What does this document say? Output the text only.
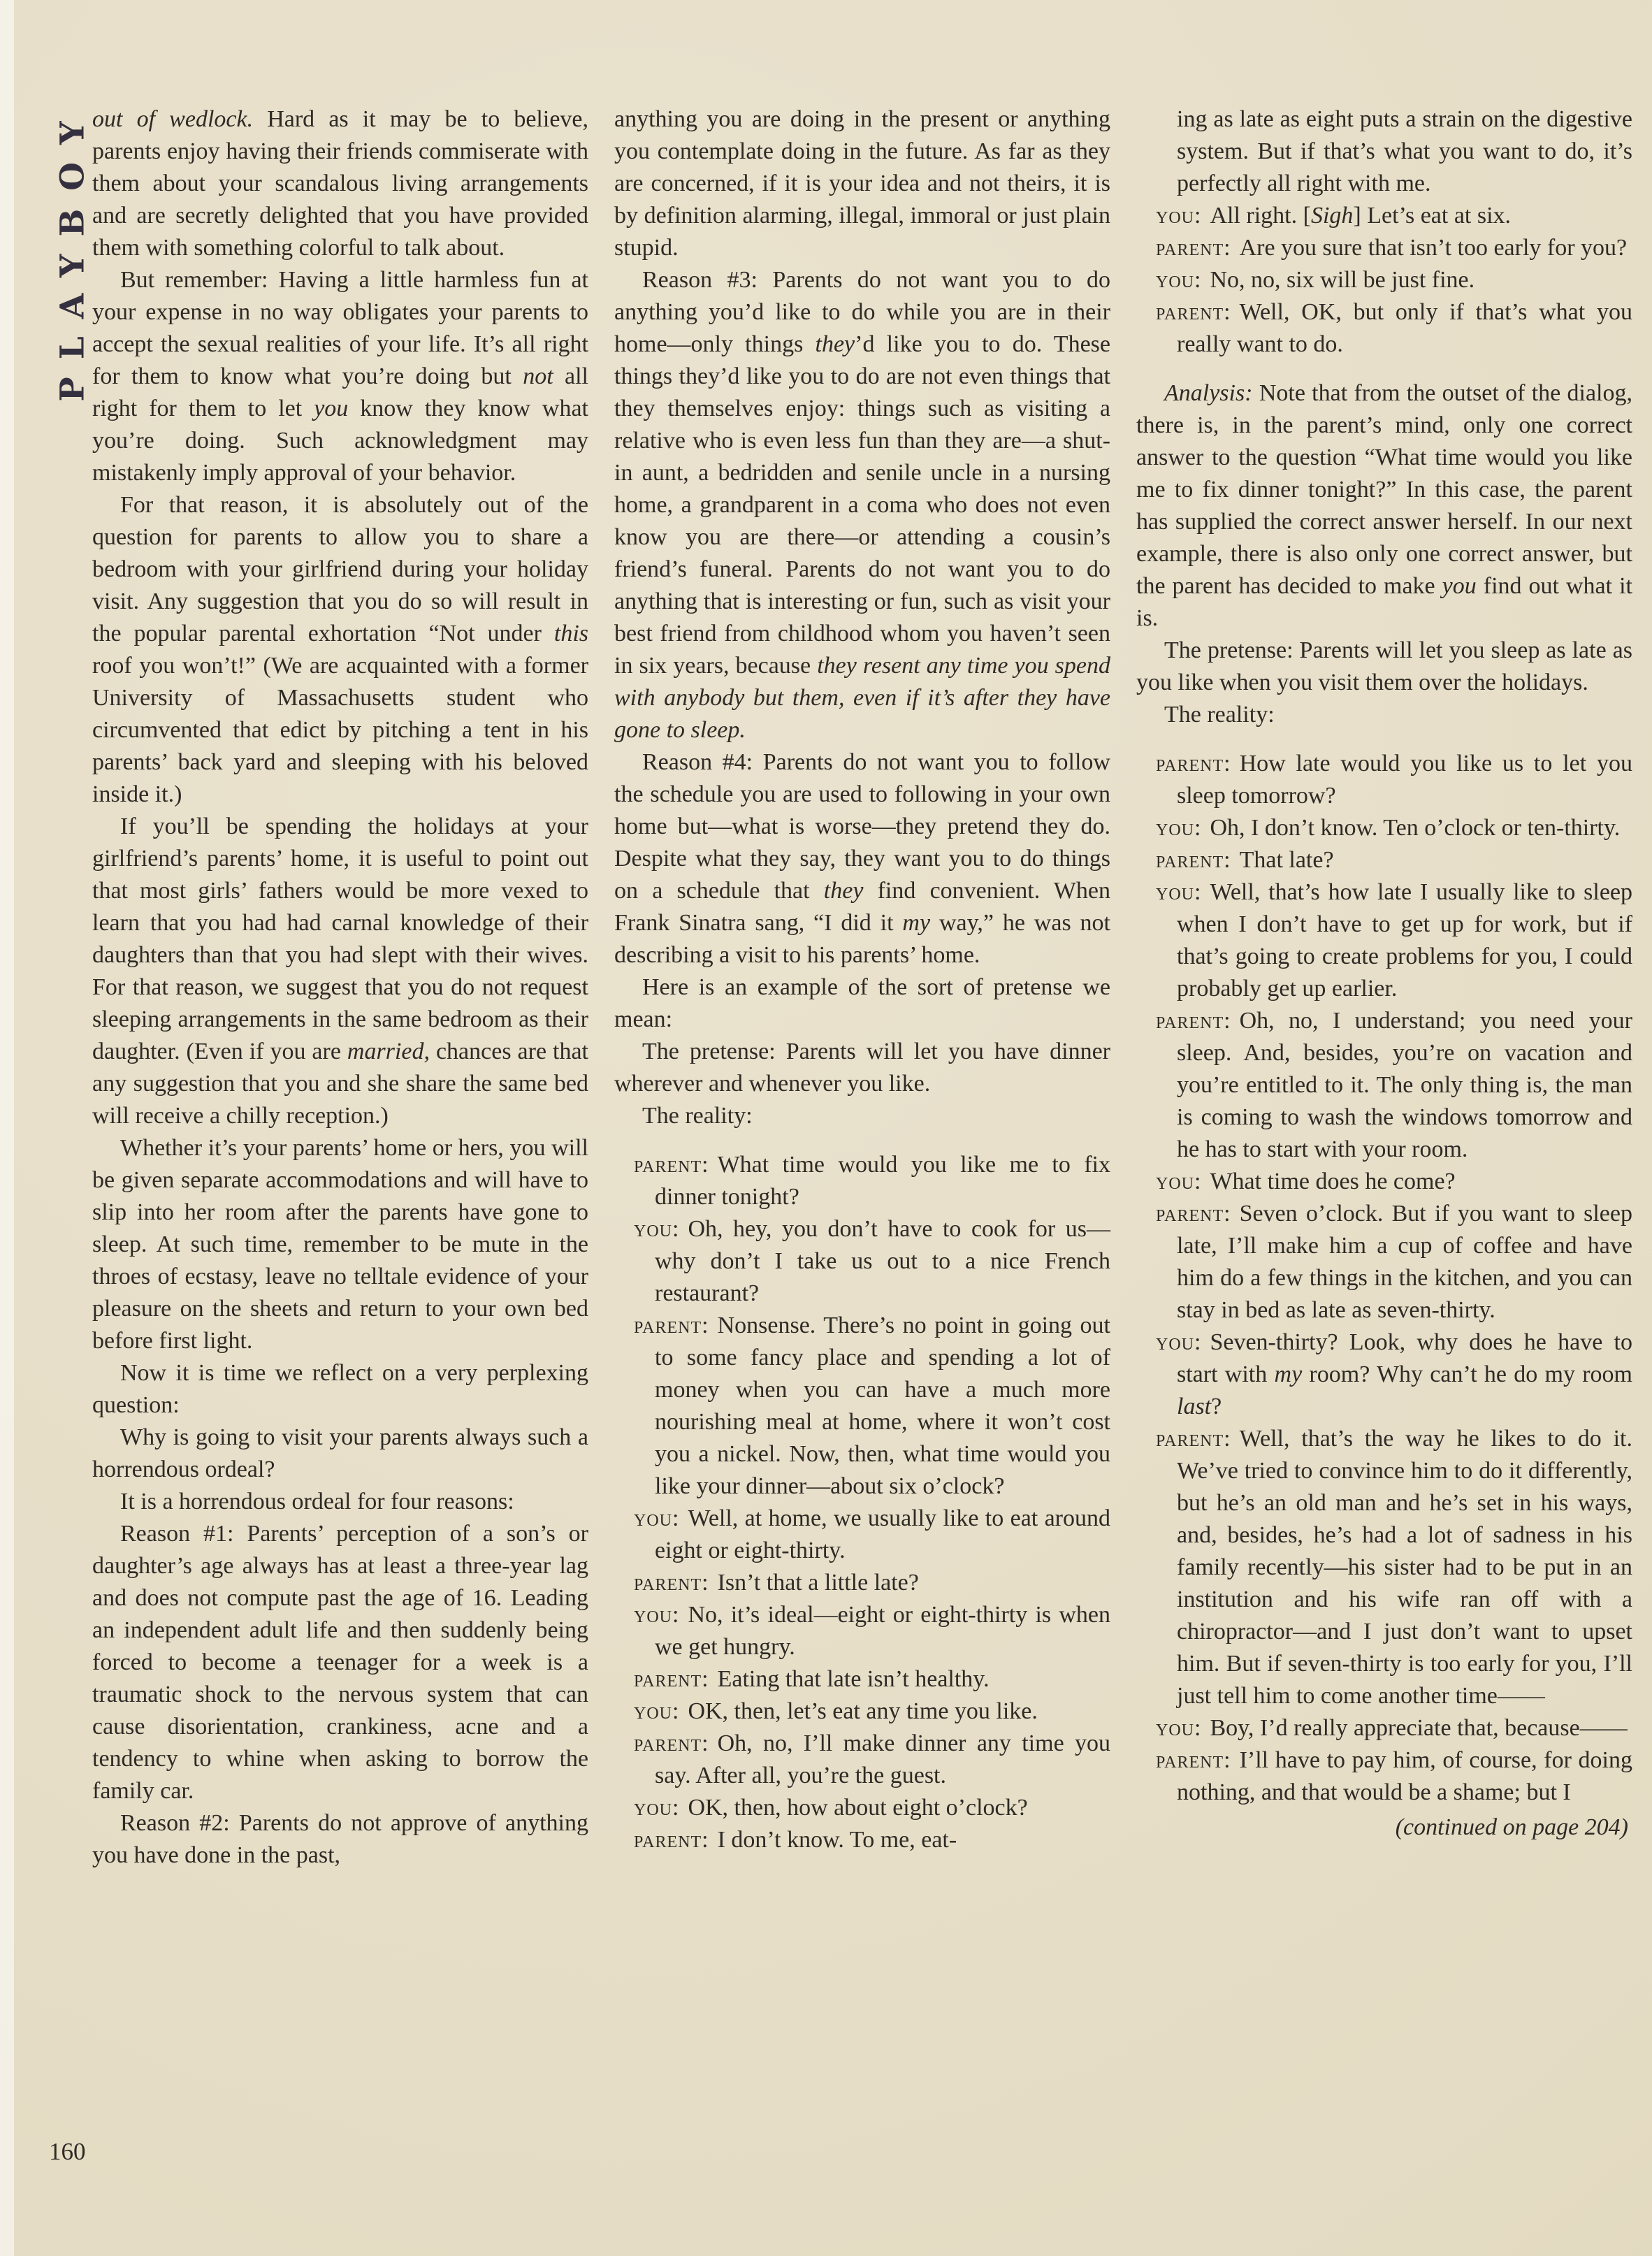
PLAYBOY out of wedlock. Hard as it may be to believe, parents enjoy having their friends commiserate with them about your scandalous living arrangements and are secretly delighted that you have provided them with something colorful to talk about.

But remember: Having a little harmless fun at your expense in no way obligates your parents to accept the sexual realities of your life. It’s all right for them to know what you’re doing but not all right for them to let you know they know what you’re doing. Such acknowledgment may mistakenly imply approval of your behavior.

For that reason, it is absolutely out of the question for parents to allow you to share a bedroom with your girlfriend during your holiday visit. Any suggestion that you do so will result in the popular parental exhortation “Not under this roof you won’t!” (We are acquainted with a former University of Massachusetts student who circumvented that edict by pitching a tent in his parents’ back yard and sleeping with his beloved inside it.)

If you’ll be spending the holidays at your girlfriend’s parents’ home, it is useful to point out that most girls’ fathers would be more vexed to learn that you had had carnal knowledge of their daughters than that you had slept with their wives. For that reason, we suggest that you do not request sleeping arrangements in the same bedroom as their daughter. (Even if you are married, chances are that any suggestion that you and she share the same bed will receive a chilly reception.)

Whether it’s your parents’ home or hers, you will be given separate accommodations and will have to slip into her room after the parents have gone to sleep. At such time, remember to be mute in the throes of ecstasy, leave no telltale evidence of your pleasure on the sheets and return to your own bed before first light.

Now it is time we reflect on a very perplexing question:

Why is going to visit your parents always such a horrendous ordeal?

It is a horrendous ordeal for four reasons:

Reason #1: Parents’ perception of a son’s or daughter’s age always has at least a three-year lag and does not compute past the age of 16. Leading an independent adult life and then suddenly being forced to become a teenager for a week is a traumatic shock to the nervous system that can cause disorientation, crankiness, acne and a tendency to whine when asking to borrow the family car.

Reason #2: Parents do not approve of anything you have done in the past,

anything you are doing in the present or anything you contemplate doing in the future. As far as they are concerned, if it is your idea and not theirs, it is by definition alarming, illegal, immoral or just plain stupid.

Reason #3: Parents do not want you to do anything you’d like to do while you are in their home—only things they’d like you to do. These things they’d like you to do are not even things that they themselves enjoy: things such as visiting a relative who is even less fun than they are—a shut-in aunt, a bedridden and senile uncle in a nursing home, a grandparent in a coma who does not even know you are there—or attending a cousin’s friend’s funeral. Parents do not want you to do anything that is interesting or fun, such as visit your best friend from childhood whom you haven’t seen in six years, because they resent any time you spend with anybody but them, even if it’s after they have gone to sleep.

Reason #4: Parents do not want you to follow the schedule you are used to following in your own home but—what is worse—they pretend they do. Despite what they say, they want you to do things on a schedule that they find convenient. When Frank Sinatra sang, “I did it my way,” he was not describing a visit to his parents’ home.

Here is an example of the sort of pretense we mean:

The pretense: Parents will let you have dinner wherever and whenever you like.

The reality:

parent: What time would you like me to fix dinner tonight?

you: Oh, hey, you don’t have to cook for us—why don’t I take us out to a nice French restaurant?

parent: Nonsense. There’s no point in going out to some fancy place and spending a lot of money when you can have a much more nourishing meal at home, where it won’t cost you a nickel. Now, then, what time would you like your dinner—about six o’clock?

you: Well, at home, we usually like to eat around eight or eight-thirty.

parent: Isn’t that a little late?

you: No, it’s ideal—eight or eight-thirty is when we get hungry.

parent: Eating that late isn’t healthy.

you: OK, then, let’s eat any time you like.

parent: Oh, no, I’ll make dinner any time you say. After all, you’re the guest.

you: OK, then, how about eight o’clock?

parent: I don’t know. To me, eat-

ing as late as eight puts a strain on the digestive system. But if that’s what you want to do, it’s perfectly all right with me.

you: All right. [Sigh] Let’s eat at six.

parent: Are you sure that isn’t too early for you?

you: No, no, six will be just fine.

parent: Well, OK, but only if that’s what you really want to do.

Analysis: Note that from the outset of the dialog, there is, in the parent’s mind, only one correct answer to the question “What time would you like me to fix dinner tonight?” In this case, the parent has supplied the correct answer herself. In our next example, there is also only one correct answer, but the parent has decided to make you find out what it is.

The pretense: Parents will let you sleep as late as you like when you visit them over the holidays.

The reality:

parent: How late would you like us to let you sleep tomorrow?

you: Oh, I don’t know. Ten o’clock or ten-thirty.

parent: That late?

you: Well, that’s how late I usually like to sleep when I don’t have to get up for work, but if that’s going to create problems for you, I could probably get up earlier.

parent: Oh, no, I understand; you need your sleep. And, besides, you’re on vacation and you’re entitled to it. The only thing is, the man is coming to wash the windows tomorrow and he has to start with your room.

you: What time does he come?

parent: Seven o’clock. But if you want to sleep late, I’ll make him a cup of coffee and have him do a few things in the kitchen, and you can stay in bed as late as seven-thirty.

you: Seven-thirty? Look, why does he have to start with my room? Why can’t he do my room last?

parent: Well, that’s the way he likes to do it. We’ve tried to convince him to do it differently, but he’s an old man and he’s set in his ways, and, besides, he’s had a lot of sadness in his family recently—his sister had to be put in an institution and his wife ran off with a chiropractor—and I just don’t want to upset him. But if seven-thirty is too early for you, I’ll just tell him to come another time——

you: Boy, I’d really appreciate that, because——

parent: I’ll have to pay him, of course, for doing nothing, and that would be a shame; but I

(continued on page 204)

160
